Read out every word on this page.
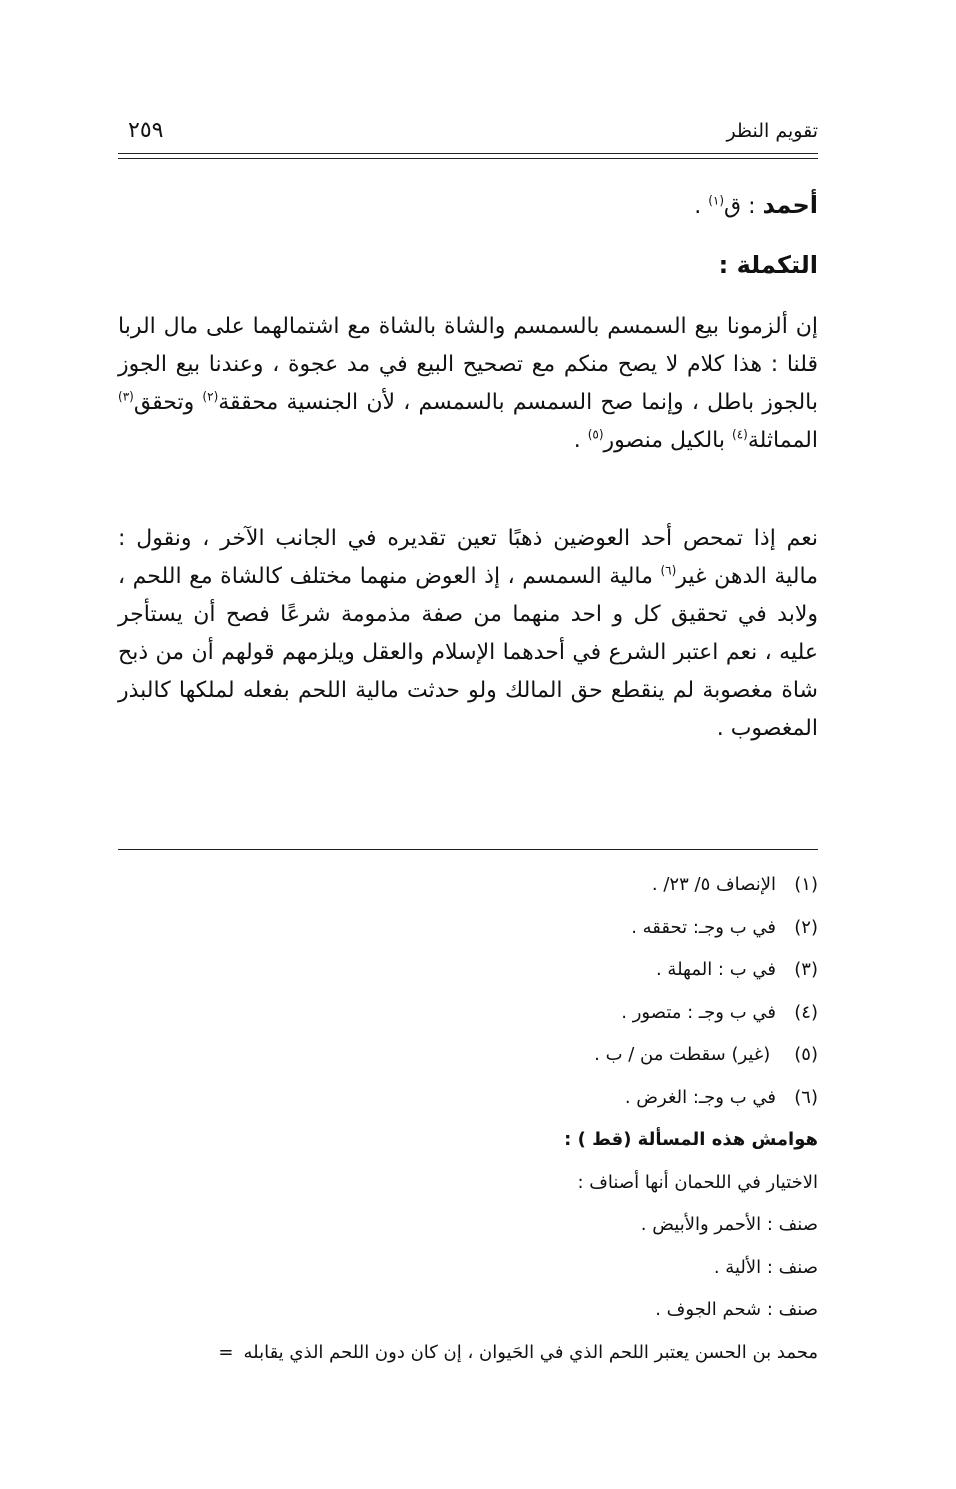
تقويم النظر
٢٥٩
أحمد : ق$^{(١)}$ .
التكملة :

إن ألزمونا بيع السمسم بالسمسم والشاة بالشاة مع اشتمالهما على مال الربا قلنا : هذا كلام لا يصح منكم مع تصحيح البيع في مد عجوة ، وعندنا بيع الجوز بالجوز باطل ، وإنما صح السمسم بالسمسم ، لأن الجنسية محققة$^{(٢)}$ وتحقق$^{(٣)}$ المماثلة$^{(٤)}$ بالكيل منصور$^{(٥)}$ .

نعم إذا تمحص أحد العوضين ذهبًا تعين تقديره في الجانب الآخر ، ونقول : مالية الدهن غير$^{(٦)}$ مالية السمسم ، إذ العوض منهما مختلف كالشاة مع اللحم ، ولابد في تحقيق كل و احد منهما من صفة مذمومة شرعًا فصح أن يستأجر عليه ، نعم اعتبر الشرع في أحدهما الإسلام والعقل ويلزمهم قولهم أن من ذبح شاة مغصوبة لم ينقطع حق المالك ولو حدثت مالية اللحم بفعله لملكها كالبذر المغصوب .

(١)الإنصاف ٥/ ٢٣/ .
(٢)في ب وجـ: تحققه .
(٣)في ب : المهلة .
(٤)في ب وجـ : متصور .
(٥) (غير) سقطت من / ب .
(٦)في ب وجـ: الغرض .
هوامش هذه المسألة (قط ) :
الاختيار في اللحمان أنها أصناف :
صنف : الأحمر والأبيض .
صنف : الألية .
صنف : شحم الجوف .
محمد بن الحسن يعتبر اللحم الذي في الحَيوان ، إن كان دون اللحم الذي يقابله=
